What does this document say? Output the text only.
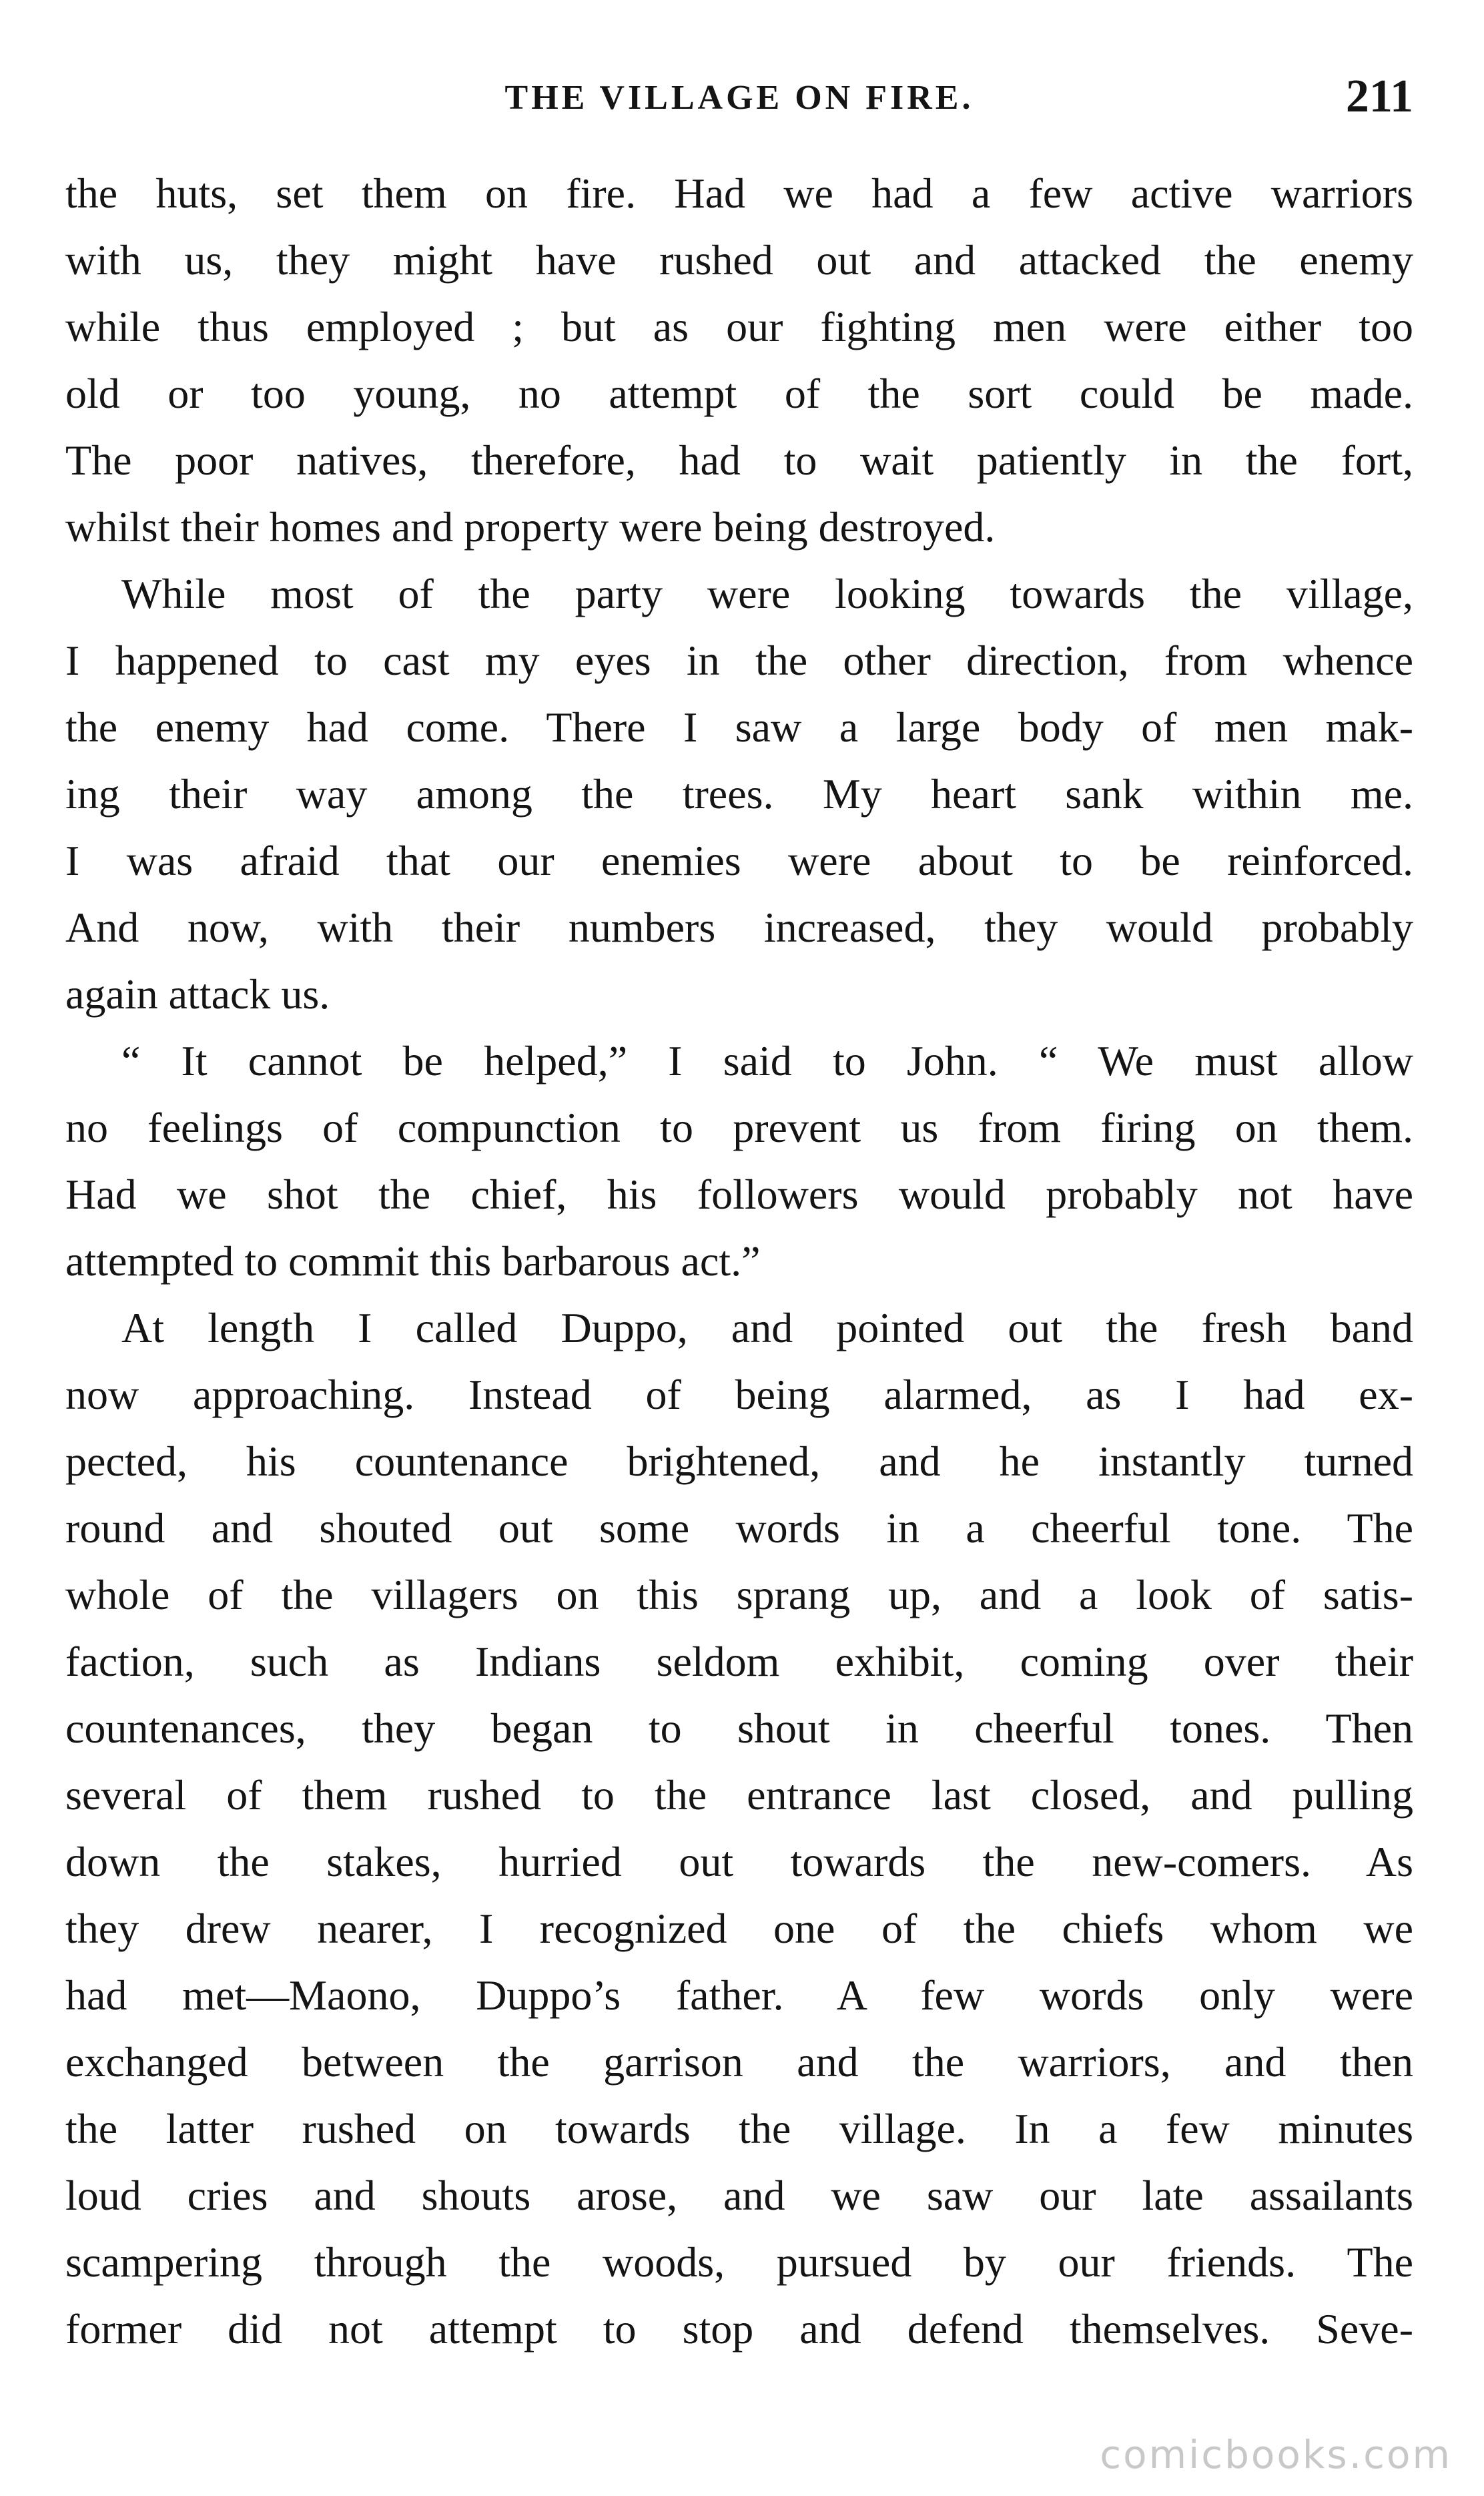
THE VILLAGE ON FIRE.	211
the huts, set them on fire. Had we had a few active warriors
with us, they might have rushed out and attacked the enemy
while thus employed ; but as our fighting men were either too
old or too young, no attempt of the sort could be made.
The poor natives, therefore, had to wait patiently in the fort,
whilst their homes and property were being destroyed.
While most of the party were looking towards the village,
I happened to cast my eyes in the other direction, from whence
the enemy had come. There I saw a large body of men mak-
ing their way among the trees. My heart sank within me.
I was afraid that our enemies were about to be reinforced.
And now, with their numbers increased, they would probably
again attack us.
“ It cannot be helped,” I said to John. “ We must allow
no feelings of compunction to prevent us from firing on them.
Had we shot the chief, his followers would probably not have
attempted to commit this barbarous act.”
At length I called Duppo, and pointed out the fresh band
now approaching. Instead of being alarmed, as I had ex-
pected, his countenance brightened, and he instantly turned
round and shouted out some words in a cheerful tone. The
whole of the villagers on this sprang up, and a look of satis-
faction, such as Indians seldom exhibit, coming over their
countenances, they began to shout in cheerful tones. Then
several of them rushed to the entrance last closed, and pulling
down the stakes, hurried out towards the new-comers. As
they drew nearer, I recognized one of the chiefs whom we
had met—Maono, Duppo’s father. A few words only were
exchanged between the garrison and the warriors, and then
the latter rushed on towards the village. In a few minutes
loud cries and shouts arose, and we saw our late assailants
scampering through the woods, pursued by our friends. The
former did not attempt to stop and defend themselves. Seve-
comicbooks.com
